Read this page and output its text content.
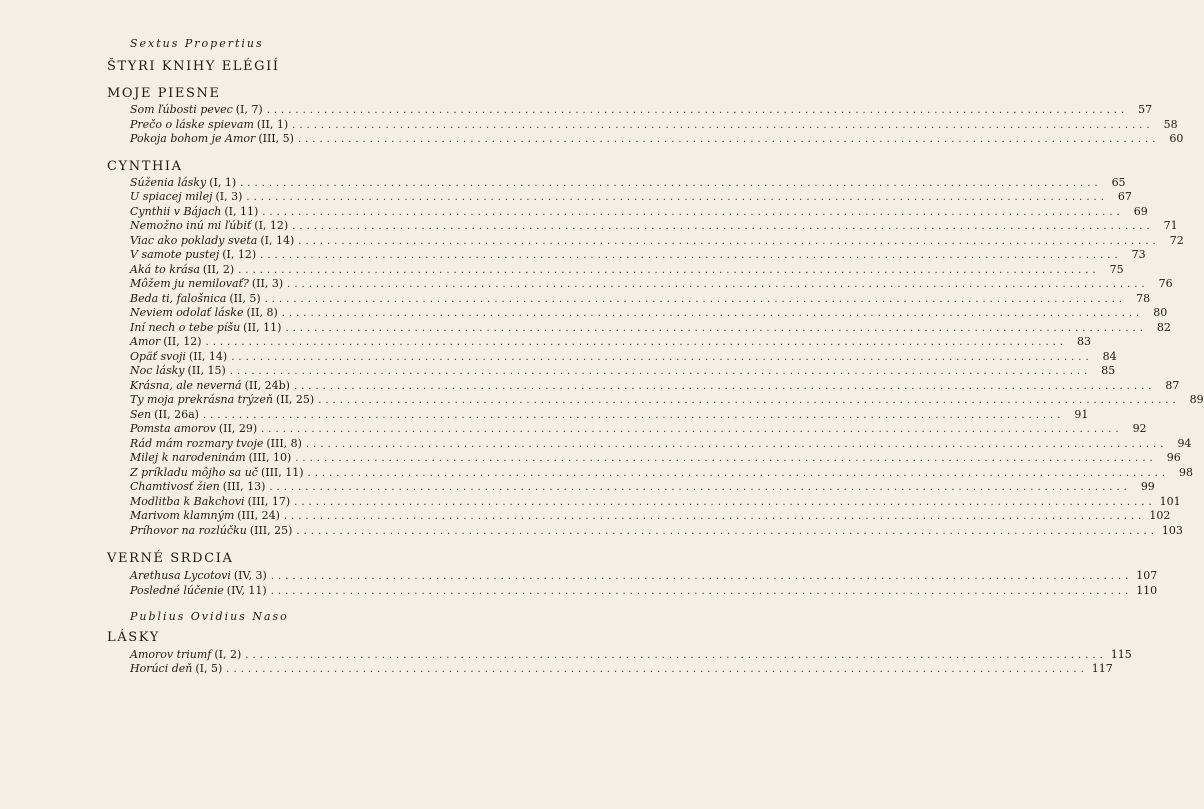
Sextus Propertius
ŠTYRI KNIHY ELÉGIÍ
MOJE PIESNE
Som ľúbosti pevec (I, 7) ........................................................................................................................ 57
Prečo o láske spievam (II, 1) ........................................................................................................................ 58
Pokoja bohom je Amor (III, 5) ........................................................................................................................ 60
CYNTHIA
Súženia lásky (I, 1) ........................................................................................................................ 65
U spiacej milej (I, 3) ........................................................................................................................ 67
Cynthii v Bájach (I, 11) ........................................................................................................................ 69
Nemožno inú mi ľúbiť (I, 12) ........................................................................................................................ 71
Viac ako poklady sveta (I, 14) ........................................................................................................................ 72
V samote pustej (I, 12) ........................................................................................................................ 73
Aká to krása (II, 2) ........................................................................................................................ 75
Môžem ju nemilovať? (II, 3) ........................................................................................................................ 76
Beda ti, falošnica (II, 5) ........................................................................................................................ 78
Neviem odolať láske (II, 8) ........................................................................................................................ 80
Iní nech o tebe píšu (II, 11) ........................................................................................................................ 82
Amor (II, 12) ........................................................................................................................ 83
Opäť svoji (II, 14) ........................................................................................................................ 84
Noc lásky (II, 15) ........................................................................................................................ 85
Krásna, ale neverná (II, 24b) ........................................................................................................................ 87
Ty moja prekrásna trýzeň (II, 25) ........................................................................................................................ 89
Sen (II, 26a) ........................................................................................................................ 91
Pomsta amorov (II, 29) ........................................................................................................................ 92
Rád mám rozmary tvoje (III, 8) ........................................................................................................................ 94
Milej k narodeninám (III, 10) ........................................................................................................................ 96
Z príkladu môjho sa uč (III, 11) ........................................................................................................................ 98
Chamtivosť žien (III, 13) ........................................................................................................................ 99
Modlitba k Bakchovi (III, 17) ........................................................................................................................ 101
Marivom klamným (III, 24) ........................................................................................................................ 102
Príhovor na rozlúčku (III, 25) ........................................................................................................................ 103
VERNÉ SRDCIA
Arethusa Lycotovi (IV, 3) ........................................................................................................................ 107
Posledné lúčenie (IV, 11) ........................................................................................................................ 110
Publius Ovidius Naso
LÁSKY
Amorov triumf (I, 2) ........................................................................................................................ 115
Horúci deň (I, 5) ........................................................................................................................ 117
